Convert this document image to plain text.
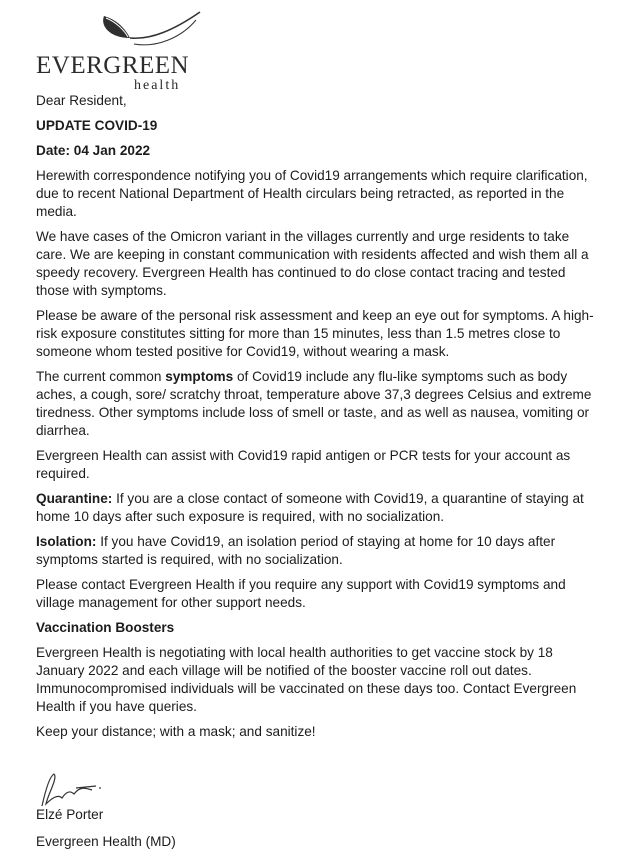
EVERGREEN
health

Dear Resident,

UPDATE COVID-19

Date: 04 Jan 2022

Herewith correspondence notifying you of Covid19 arrangements which require clarification, due to recent National Department of Health circulars being retracted, as reported in the media.

We have cases of the Omicron variant in the villages currently and urge residents to take care. We are keeping in constant communication with residents affected and wish them all a speedy recovery. Evergreen Health has continued to do close contact tracing and tested those with symptoms.

Please be aware of the personal risk assessment and keep an eye out for symptoms. A high-risk exposure constitutes sitting for more than 15 minutes, less than 1.5 metres close to someone whom tested positive for Covid19, without wearing a mask.

The current common symptoms of Covid19 include any flu-like symptoms such as body aches, a cough, sore/ scratchy throat, temperature above 37,3 degrees Celsius and extreme tiredness. Other symptoms include loss of smell or taste, and as well as nausea, vomiting or diarrhea.

Evergreen Health can assist with Covid19 rapid antigen or PCR tests for your account as required.

Quarantine: If you are a close contact of someone with Covid19, a quarantine of staying at home 10 days after such exposure is required, with no socialization.

Isolation: If you have Covid19, an isolation period of staying at home for 10 days after symptoms started is required, with no socialization.

Please contact Evergreen Health if you require any support with Covid19 symptoms and village management for other support needs.

Vaccination Boosters

Evergreen Health is negotiating with local health authorities to get vaccine stock by 18 January 2022 and each village will be notified of the booster vaccine roll out dates. Immunocompromised individuals will be vaccinated on these days too. Contact Evergreen Health if you have queries.

Keep your distance; with a mask; and sanitize!

Elzé Porter
Evergreen Health (MD)
